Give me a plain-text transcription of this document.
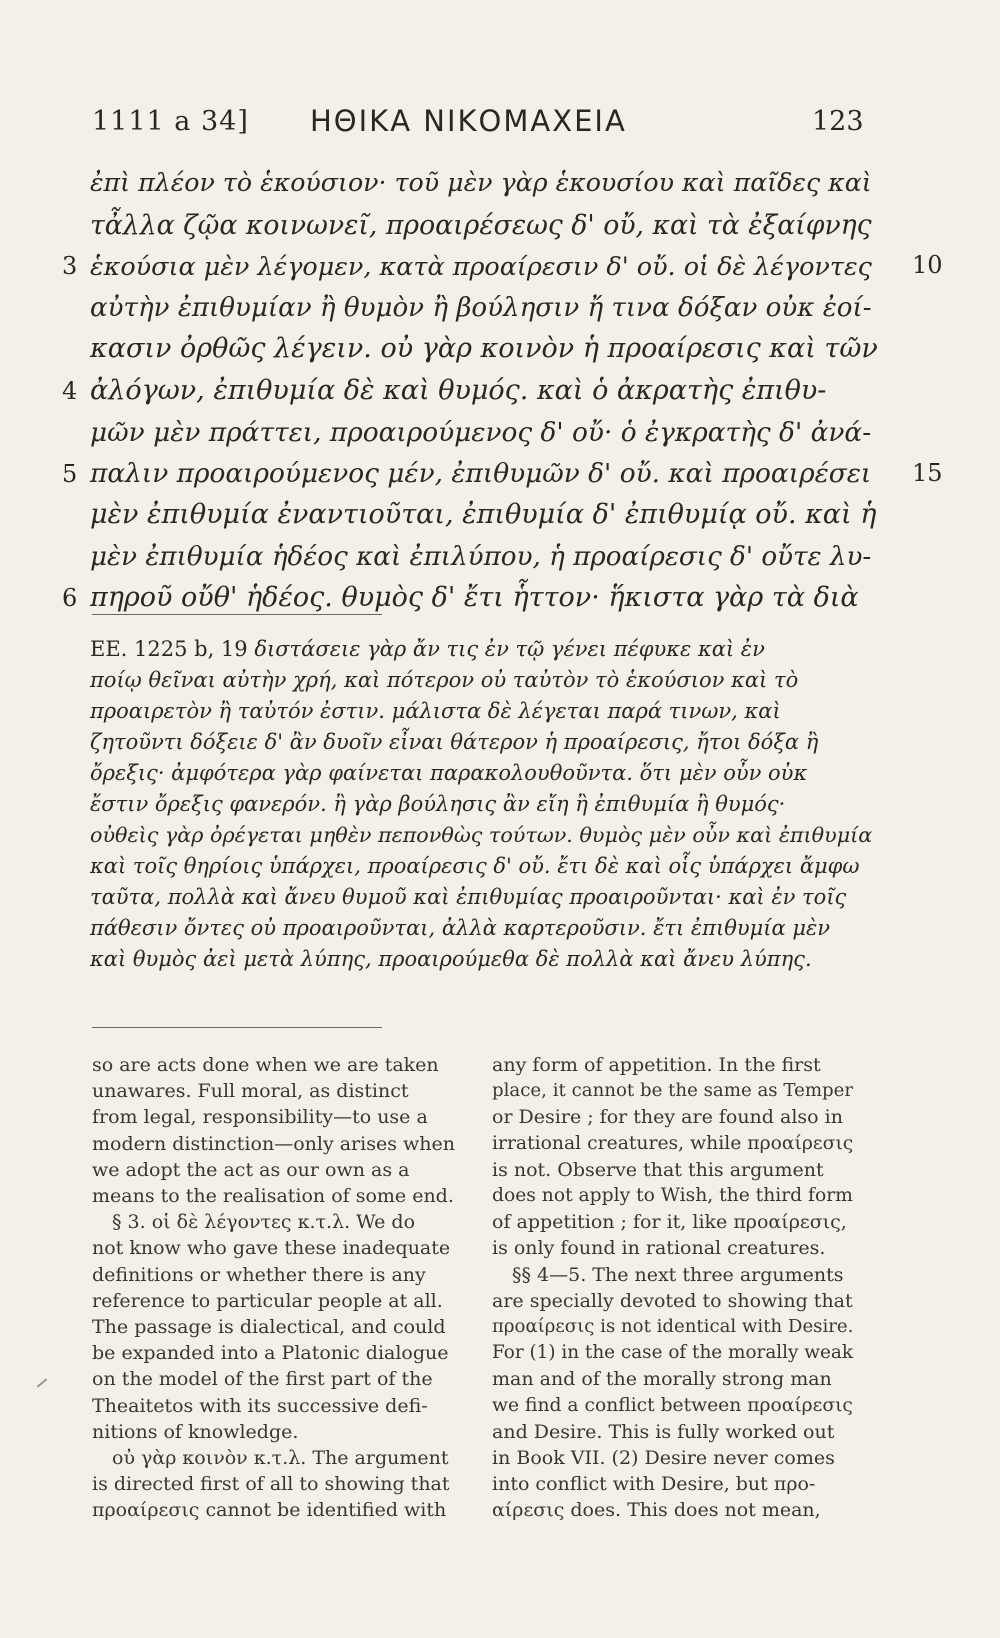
1111 a 34] ΗΘΙΚΑ ΝΙΚΟΜΑΧΕΙΑ	123
ἐπὶ πλέον τὸ ἑκούσιον· τοῦ μὲν γὰρ ἑκουσίου καὶ παῖδες καὶ
τἆλλα ζῷα κοινωνεῖ, προαιρέσεως δ' οὔ, καὶ τὰ ἐξαίφνης
3 ἑκούσια μὲν λέγομεν, κατὰ προαίρεσιν δ' οὔ. οἱ δὲ λέγοντες
αὐτὴν ἐπιθυμίαν ἢ θυμὸν ἢ βούλησιν ἤ τινα δόξαν οὐκ ἐοί-
κασιν ὀρθῶς λέγειν. οὐ γὰρ κοινὸν ἡ προαίρεσις καὶ τῶν
4 ἀλόγων, ἐπιθυμία δὲ καὶ θυμός. καὶ ὁ ἀκρατὴς ἐπιθυ-
μῶν μὲν πράττει, προαιρούμενος δ' οὔ· ὁ ἐγκρατὴς δ' ἀνά-
5 παλιν προαιρούμενος μέν, ἐπιθυμῶν δ' οὔ. καὶ προαιρέσει
μὲν ἐπιθυμία ἐναντιοῦται, ἐπιθυμία δ' ἐπιθυμίᾳ οὔ. καὶ ἡ
μὲν ἐπιθυμία ἡδέος καὶ ἐπιλύπου, ἡ προαίρεσις δ' οὔτε λυ-
6 πηροῦ οὔθ' ἡδέος. θυμὸς δ' ἔτι ἧττον· ἥκιστα γὰρ τὰ διὰ
10
15
EE. 1225 b, 19 διστάσειε γὰρ ἄν τις ἐν τῷ γένει πέφυκε καὶ ἐν
ποίῳ θεῖναι αὐτὴν χρή, καὶ πότερον οὐ ταὐτὸν τὸ ἑκούσιον καὶ τὸ
προαιρετὸν ἢ ταὐτόν ἐστιν. μάλιστα δὲ λέγεται παρά τινων, καὶ
ζητοῦντι δόξειε δ' ἂν δυοῖν εἶναι θάτερον ἡ προαίρεσις, ἤτοι δόξα ἢ
ὄρεξις· ἀμφότερα γὰρ φαίνεται παρακολουθοῦντα. ὅτι μὲν οὖν οὐκ
ἔστιν ὄρεξις φανερόν. ἢ γὰρ βούλησις ἂν εἴη ἢ ἐπιθυμία ἢ θυμός·
οὐθεὶς γὰρ ὀρέγεται μηθὲν πεπονθὼς τούτων. θυμὸς μὲν οὖν καὶ ἐπιθυμία
καὶ τοῖς θηρίοις ὑπάρχει, προαίρεσις δ' οὔ. ἔτι δὲ καὶ οἷς ὑπάρχει ἄμφω
ταῦτα, πολλὰ καὶ ἄνευ θυμοῦ καὶ ἐπιθυμίας προαιροῦνται· καὶ ἐν τοῖς
πάθεσιν ὄντες οὐ προαιροῦνται, ἀλλὰ καρτεροῦσιν. ἔτι ἐπιθυμία μὲν
καὶ θυμὸς ἀεὶ μετὰ λύπης, προαιρούμεθα δὲ πολλὰ καὶ ἄνευ λύπης.
so are acts done when we are taken
unawares. Full moral, as distinct
from legal, responsibility—to use a
modern distinction—only arises when
we adopt the act as our own as a
means to the realisation of some end.
§ 3. οἱ δὲ λέγοντες κ.τ.λ. We do
not know who gave these inadequate
definitions or whether there is any
reference to particular people at all.
The passage is dialectical, and could
be expanded into a Platonic dialogue
on the model of the first part of the
Theaitetos with its successive defi-
nitions of knowledge.
οὐ γὰρ κοινὸν κ.τ.λ. The argument
is directed first of all to showing that
προαίρεσις cannot be identified with
any form of appetition. In the first
place, it cannot be the same as Temper
or Desire ; for they are found also in
irrational creatures, while προαίρεσις
is not. Observe that this argument
does not apply to Wish, the third form
of appetition ; for it, like προαίρεσις,
is only found in rational creatures.
§§ 4—5. The next three arguments
are specially devoted to showing that
προαίρεσις is not identical with Desire.
For (1) in the case of the morally weak
man and of the morally strong man
we find a conflict between προαίρεσις
and Desire. This is fully worked out
in Book VII. (2) Desire never comes
into conflict with Desire, but προ-
αίρεσις does. This does not mean,
